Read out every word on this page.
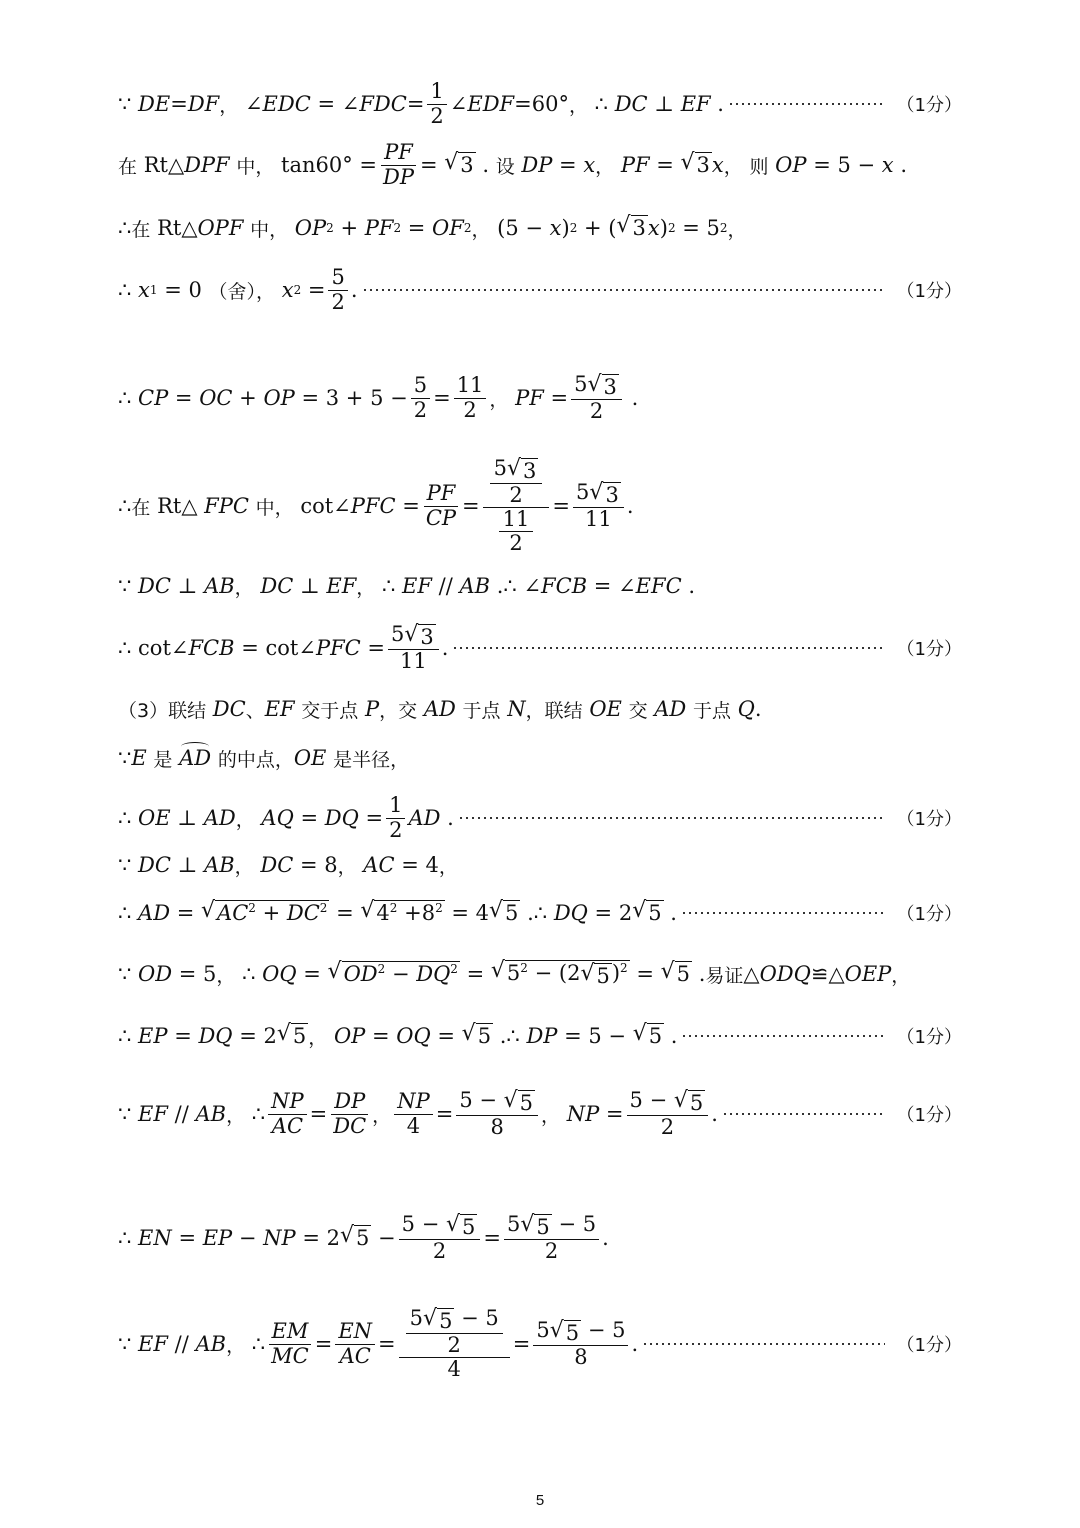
∵ DE = DF ， ∠EDC = ∠FDC = $\frac{1}{2}$ ∠EDF =60° ， ∴ DC ⊥ EF .	（1分）
在 Rt△ DPF
中， $\tan 60^\circ = \frac{PF}{DP}$ = √ 3 . 设
DP = x ，
PF = √ 3 x ，
则
OP = 5 − x .
∴ 在 Rt△ OPF
中，
OP 2 + PF 2 = OF 2 ， (5 − x ) 2 + ( √ 3 x ) 2 = 5 2 ，
∴ x 1 = 0 （舍），
x $2 = \frac{5}{2}$ .	（1分）
∴ CP = OC + OP = $3 + 5 - \frac{5}{2} = \frac{11}{2}$ ，
PF = $\frac{5 √ 3}{2}$ .
∴ 在 Rt△ FPC
中， cot ∠PFC = $\frac{PF}{CP} = \frac{\frac{5 √ 3}{2}}{\frac{11}{2}} = \frac{5 √ 3}{11}$ .
∵ DC ⊥ AB ，
DC ⊥ EF ， ∴ EF // AB .∴ ∠FCB = ∠EFC .
∴ cot ∠FCB = cot ∠PFC = $\frac{5 √ 3}{11}$ .	（1分）
（3）联结
DC 、 EF
交于点
P ，交
AD
于点
N ，联结
OE
交
AD
于点
Q .
∵ E
是
AD
的中点， OE
是半径，
∴ OE ⊥ AD ，
AQ = DQ = $\frac{1}{2}$ AD .	（1分）
∵ DC ⊥ AB ，
DC = 8 ，
AC = 4 ，
∴ AD = √ $AC^2 + DC^2$ = √ $4^2 +8^2 = 4$ √ 5 .∴ DQ = 2 √ 5 .	（1分）
∵ OD = 5 ， ∴ OQ = √ $OD^2 - DQ^2$ = √ $5^2 - (2$ √ 5 )$^2$ = √ 5 . 易证 △ ODQ ≌△ OEP ，
∴ EP = DQ = 2 √ 5 ，
OP = OQ = √ 5 .∴ DP = 5 − √ 5 .	（1分）
∵ EF // AB ， ∴ $\frac{NP}{AC} = \frac{DP}{DC}$ ， $\frac{NP}{4} = \frac{5 - √ 5}{8}$ ，
NP = $\frac{5 - √ 5}{2}$ .	（1分）
∴ EN = EP − NP = 2 √ $5 - \frac{5 - √ 5}{2} = \frac{5 √ 5 - 5}{2}$ .
∵ EF // AB ， ∴ $\frac{EM}{MC} = \frac{EN}{AC} = \frac{\frac{5 √ 5 - 5}{2}}{4} = \frac{5 √ 5 - 5}{8}$ .	（1分）
5
